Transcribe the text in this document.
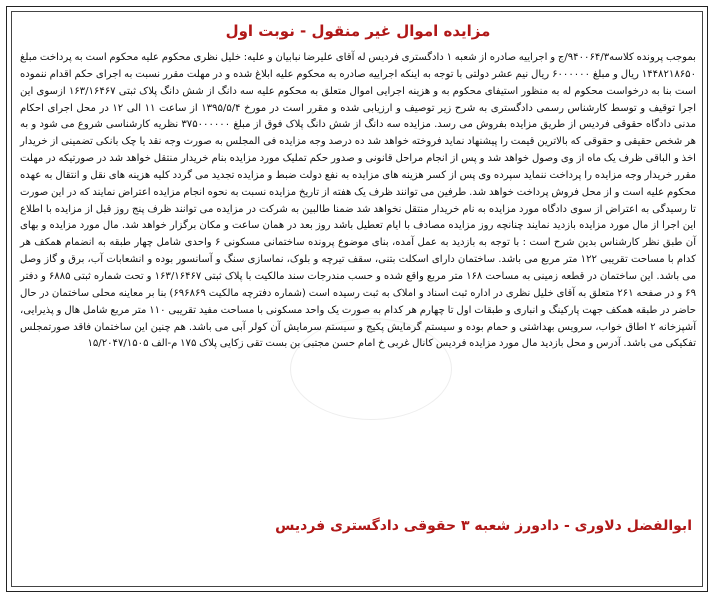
مزایده اموال غیر منقول - نوبت اول
بموجب پرونده کلاسه۹۴۰۰۶۴/۳/ج و اجراییه صادره از شعبه ۱ دادگستری فردیس له آقای علیرضا نبابیان و علیه: خلیل نظری محکوم علیه محکوم است به پرداخت مبلغ ۱۴۴۸۲۱۸۶۵۰ ریال و مبلغ ۶۰۰۰۰۰۰ ریال نیم عشر دولتی با توجه به اینکه اجراییه صادره به محکوم علیه ابلاغ شده و در مهلت مقرر نسبت به اجرای حکم اقدام ننموده است بنا به درخواست محکوم له به منظور استیفای محکوم به و هزینه اجرایی اموال متعلق به محکوم علیه سه دانگ از شش دانگ پلاک ثبتی ۱۶۳/۱۶۴۶۷ ازسوی این اجرا توقیف و توسط کارشناس رسمی دادگستری به شرح زیر توصیف و ارزیابی شده و مقرر است در مورخ ۱۳۹۵/۵/۴ از ساعت ۱۱ الی ۱۲ در محل اجرای احکام مدنی دادگاه حقوقی فردیس از طریق مزایده بفروش می رسد. مزایده سه دانگ از شش دانگ پلاک فوق از مبلغ ۳۷۵۰۰۰۰۰۰ نظریه کارشناسی شروع می شود و به هر شخص حقیقی و حقوقی که بالاترین قیمت را پیشنهاد نماید فروخته خواهد شد ده درصد وجه مزایده فی المجلس به صورت وجه نقد یا چک بانکی تضمینی از خریدار اخذ و الباقی ظرف یک ماه از وی وصول خواهد شد و پس از انجام مراحل قانونی و صدور حکم تملیک مورد مزایده بنام خریدار منتقل خواهد شد در صورتیکه در مهلت مقرر خریدار وجه مزایده را پرداخت ننماید سپرده وی پس از کسر هزینه های مزایده به نفع دولت ضبط و مزایده تجدید می گردد کلیه هزینه های نقل و انتقال به عهده محکوم علیه است و از محل فروش پرداخت خواهد شد. طرفین می توانند ظرف یک هفته از تاریخ مزایده نسبت به نحوه انجام مزایده اعتراض نمایند که در این صورت تا رسیدگی به اعتراض از سوی دادگاه مورد مزایده به نام خریدار منتقل نخواهد شد ضمنا طالبین به شرکت در مزایده می توانند ظرف پنج روز قبل از مزایده با اطلاع این اجرا از مال مورد مزایده بازدید نمایند چنانچه روز مزایده مصادف با ایام تعطیل باشد روز بعد در همان ساعت و مکان برگزار خواهد شد. مال مورد مزایده و بهای آن طبق نظر کارشناس بدین شرح است : با توجه به بازدید به عمل آمده، بنای موضوع پرونده ساختمانی مسکونی ۶ واحدی شامل چهار طبقه به انضمام همکف هر کدام با مساحت تقریبی ۱۲۲ متر مربع می باشد. ساختمان دارای اسکلت بتنی، سقف تیرچه و بلوک، نماسازی سنگ و آسانسور بوده و انشعابات آب، برق و گاز وصل می باشد. این ساختمان در قطعه زمینی به مساحت ۱۶۸ متر مربع واقع شده و حسب مندرجات سند مالکیت با پلاک ثبتی ۱۶۳/۱۶۴۶۷ و تحت شماره ثبتی ۶۸۸۵ و دفتر ۶۹ و در صفحه ۲۶۱ متعلق به آقای خلیل نظری در اداره ثبت اسناد و املاک به ثبت رسیده است (شماره دفترچه مالکیت ۶۹۶۸۶۹) بنا بر معاینه محلی ساختمان در حال حاضر در طبقه همکف جهت پارکینگ و انباری و طبقات اول تا چهارم هر کدام به صورت یک واحد مسکونی با مساحت مفید تقریبی ۱۱۰ متر مربع شامل هال و پذیرایی، آشپزخانه ۲ اطاق خواب، سرویس بهداشتی و حمام بوده و سیستم گرمایش پکیج و سیستم سرمایش آن کولر آبی می باشد. هم چنین این ساختمان فاقد صورتمجلس تفکیکی می باشد. آدرس و محل بازدید مال مورد مزایده فردیس کانال غربی خ امام حسن مجتبی بن بست تقی زکایی پلاک ۱۷۵ م-الف ۱۵/۲۰۴۷/۱۵۰۵
ابوالفضل دلاوری - دادورز شعبه ۳ حقوقی دادگستری فردیس
